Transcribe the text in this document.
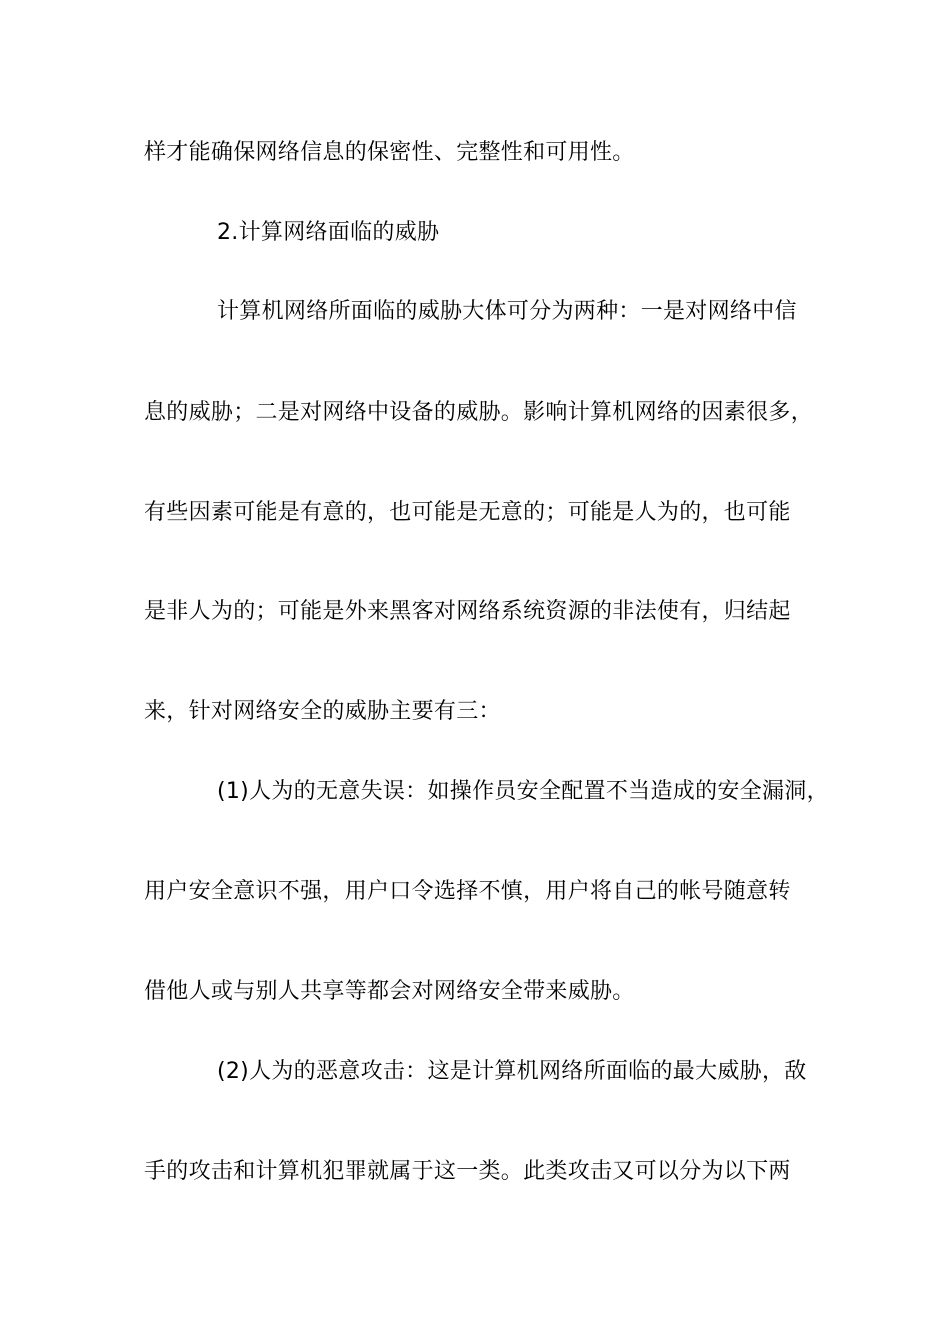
样才能确保网络信息的保密性、完整性和可用性。
2.计算网络面临的威胁
计算机网络所面临的威胁大体可分为两种：一是对网络中信
息的威胁；二是对网络中设备的威胁。影响计算机网络的因素很多，
有些因素可能是有意的，也可能是无意的；可能是人为的，也可能
是非人为的；可能是外来黑客对网络系统资源的非法使有，归结起
来，针对网络安全的威胁主要有三：
(1)人为的无意失误：如操作员安全配置不当造成的安全漏洞，
用户安全意识不强，用户口令选择不慎，用户将自己的帐号随意转
借他人或与别人共享等都会对网络安全带来威胁。
(2)人为的恶意攻击：这是计算机网络所面临的最大威胁，敌
手的攻击和计算机犯罪就属于这一类。此类攻击又可以分为以下两
